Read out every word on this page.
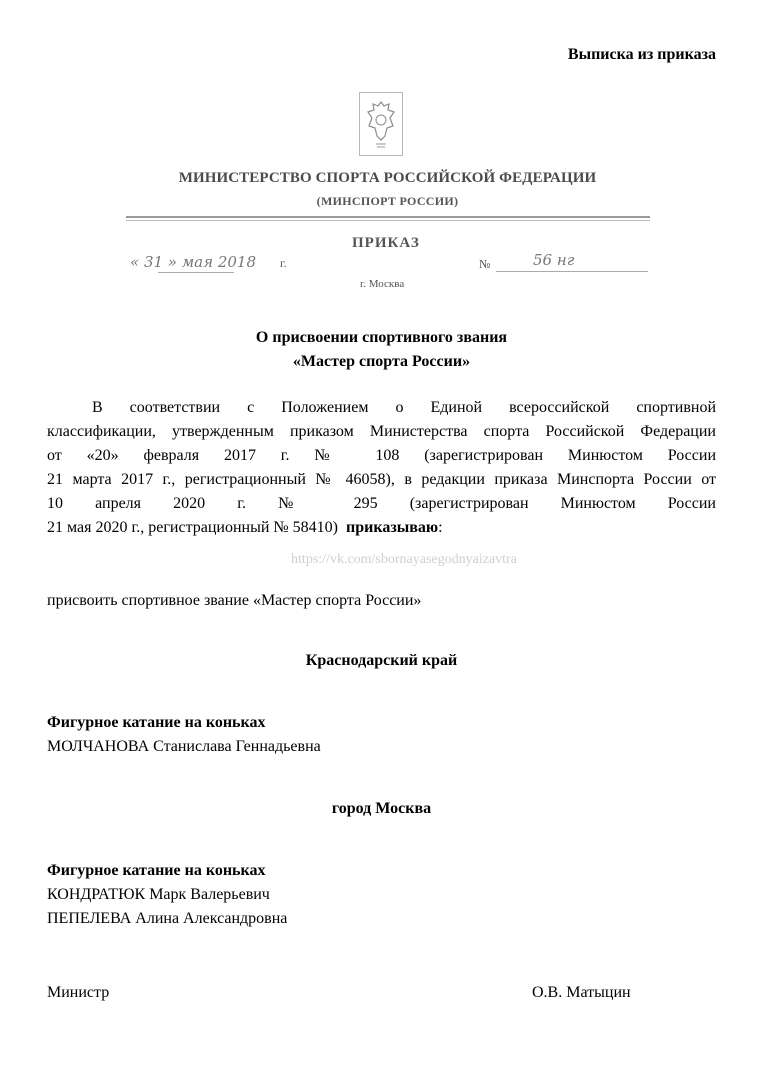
Выписка из приказа
МИНИСТЕРСТВО СПОРТА РОССИЙСКОЙ ФЕДЕРАЦИИ
(МИНСПОРТ РОССИИ)
ПРИКАЗ
« 31 » мая 2018 г.	№	56 нг
г. Москва
О присвоении спортивного звания
«Мастер спорта России»
В соответствии с Положением о Единой всероссийской спортивной
классификации, утвержденным приказом Министерства спорта Российской Федерации
от «20» февраля 2017 г. № 108 (зарегистрирован Минюстом России
21 марта 2017 г., регистрационный № 46058), в редакции приказа Минспорта России от
10 апреля 2020 г. № 295 (зарегистрирован Минюстом России
21 мая 2020 г., регистрационный № 58410) приказываю:
https://vk.com/sbornayasegodnyaizavtra
присвоить спортивное звание «Мастер спорта России»
Краснодарский край
Фигурное катание на коньках
МОЛЧАНОВА Станислава Геннадьевна
город Москва
Фигурное катание на коньках
КОНДРАТЮК Марк Валерьевич
ПЕПЕЛЕВА Алина Александровна
Министр	О.В. Матыцин
